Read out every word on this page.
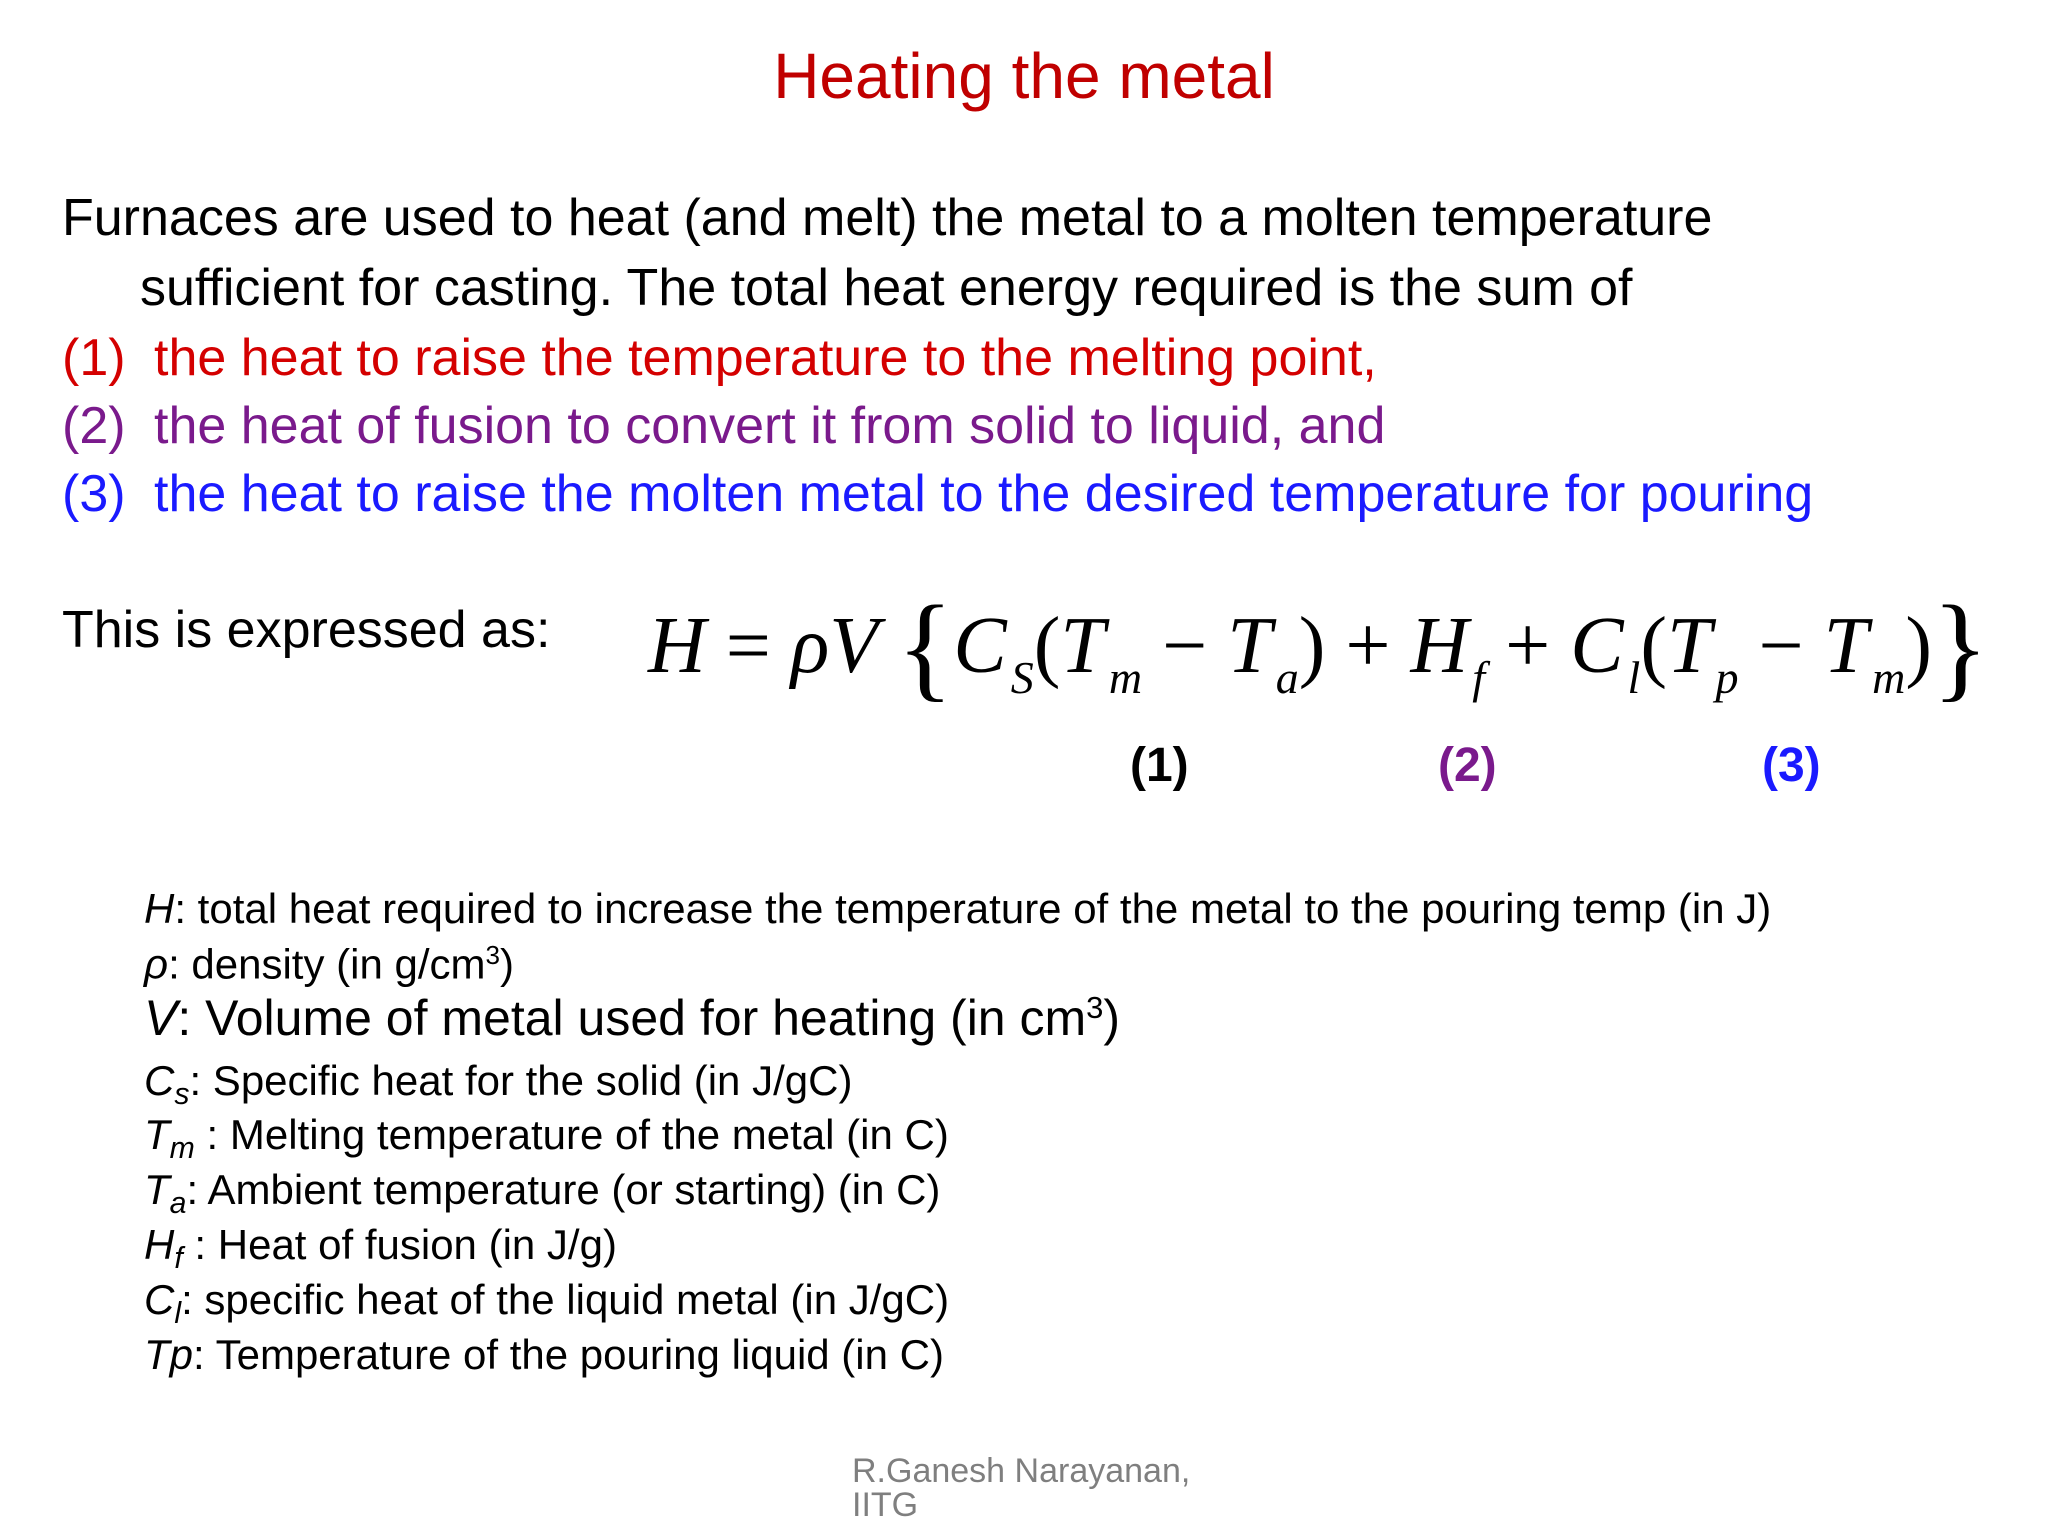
Heating the metal
Furnaces are used to heat (and melt) the metal to a molten temperature
sufficient for casting. The total heat energy required is the sum of
(1) the heat to raise the temperature to the melting point,
(2) the heat of fusion to convert it from solid to liquid, and
(3) the heat to raise the molten metal to the desired temperature for pouring
This is expressed as: H = ρV $\{C_S(T_m - T_a) + H_f + C_l(T_p - T_m)\}$
(1)	(2)	(3)
H: total heat required to increase the temperature of the metal to the pouring temp (in J)
ρ: density (in $g/cm^3$)
V: Volume of metal used for heating (in $cm^3$)
$C_s$: Specific heat for the solid (in J/gC)
$T_m$ : Melting temperature of the metal (in C)
$T_a$: Ambient temperature (or starting) (in C)
$H_f$ : Heat of fusion (in J/g)
$C_l$: specific heat of the liquid metal (in J/gC)
Tp: Temperature of the pouring liquid (in C)
R.Ganesh Narayanan, IITG
